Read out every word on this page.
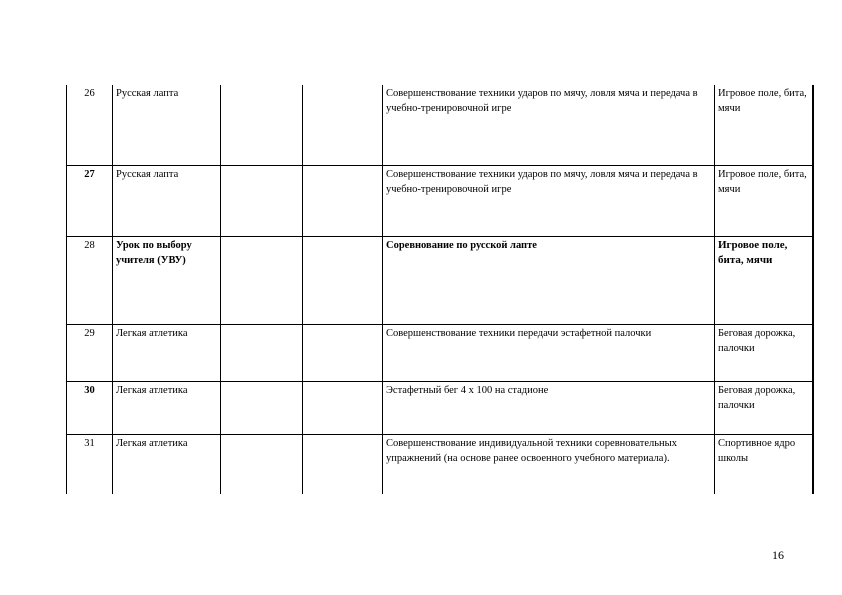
26	Русская лапта			Совершенствование техники ударов по мячу, ловля мяча и передача в учебно-тренировочной игре	Игровое поле, бита, мячи
27	Русская лапта			Совершенствование техники ударов по мячу, ловля мяча и передача в учебно-тренировочной игре	Игровое поле, бита, мячи
28	Урок по выбору учителя (УВУ)			Соревнование по русской лапте	Игровое поле, бита, мячи
29	Легкая атлетика			Совершенствование техники передачи эстафетной палочки	Беговая дорожка, палочки
30	Легкая атлетика			Эстафетный бег 4 х 100 на стадионе	Беговая дорожка, палочки
31	Легкая атлетика			Совершенствование индивидуальной техники соревновательных упражнений (на основе ранее освоенного учебного материала).	Спортивное ядро школы
16
